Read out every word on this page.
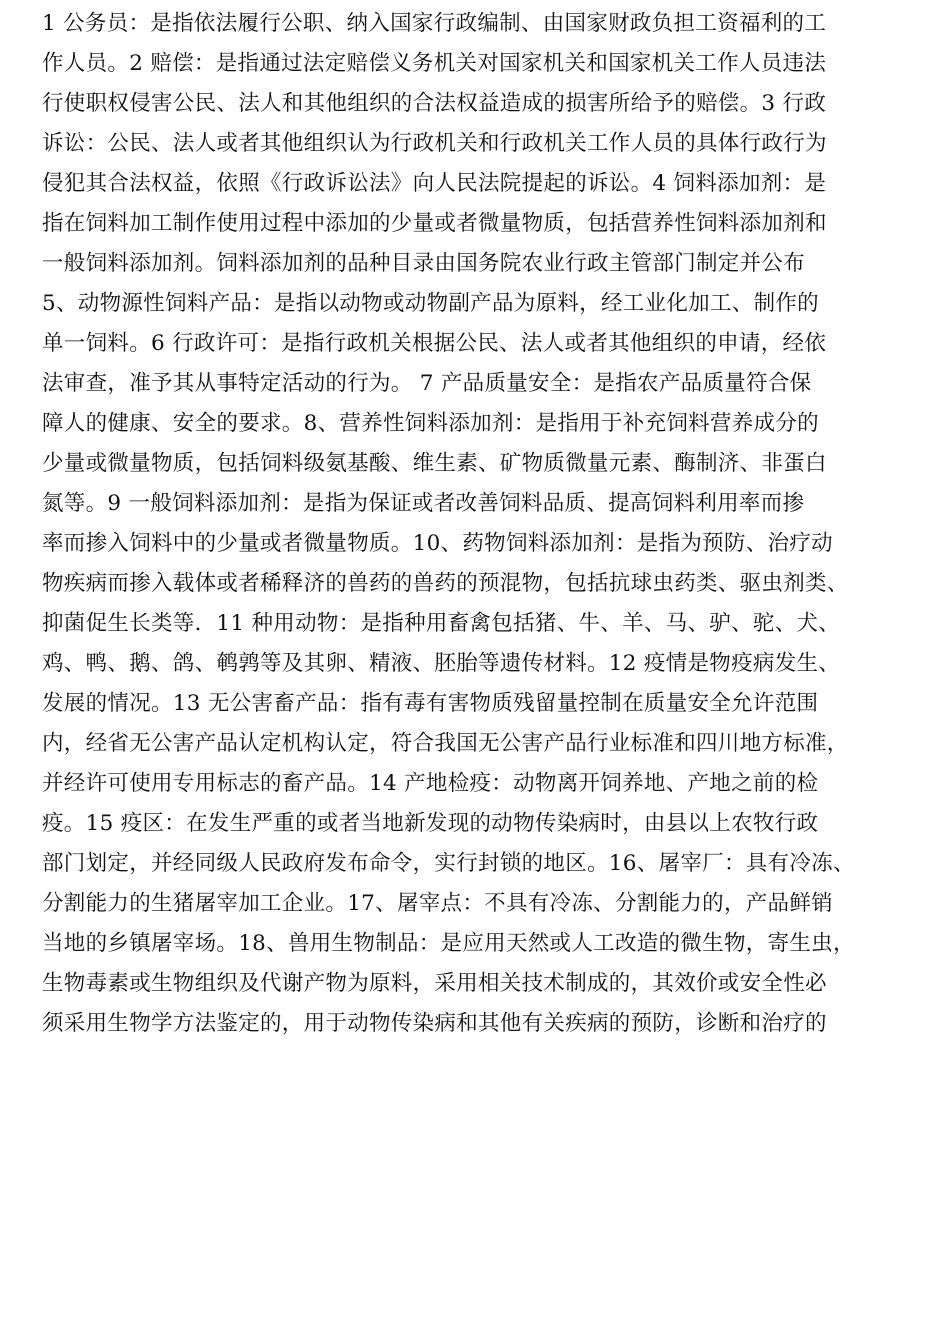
1 公务员：是指依法履行公职、纳入国家行政编制、由国家财政负担工资福利的工
作人员。2 赔偿：是指通过法定赔偿义务机关对国家机关和国家机关工作人员违法
行使职权侵害公民、法人和其他组织的合法权益造成的损害所给予的赔偿。3 行政
诉讼：公民、法人或者其他组织认为行政机关和行政机关工作人员的具体行政行为
侵犯其合法权益，依照《行政诉讼法》向人民法院提起的诉讼。4 饲料添加剂：是
指在饲料加工制作使用过程中添加的少量或者微量物质，包括营养性饲料添加剂和
一般饲料添加剂。饲料添加剂的品种目录由国务院农业行政主管部门制定并公布
5、动物源性饲料产品：是指以动物或动物副产品为原料，经工业化加工、制作的
单一饲料。6 行政许可：是指行政机关根据公民、法人或者其他组织的申请，经依
法审查，准予其从事特定活动的行为。 7 产品质量安全：是指农产品质量符合保
障人的健康、安全的要求。8、营养性饲料添加剂：是指用于补充饲料营养成分的
少量或微量物质，包括饲料级氨基酸、维生素、矿物质微量元素、酶制济、非蛋白
氮等。9 一般饲料添加剂：是指为保证或者改善饲料品质、提高饲料利用率而掺
率而掺入饲料中的少量或者微量物质。10、药物饲料添加剂：是指为预防、治疗动
物疾病而掺入载体或者稀释济的兽药的兽药的预混物，包括抗球虫药类、驱虫剂类、
抑菌促生长类等．11 种用动物：是指种用畜禽包括猪、牛、羊、马、驴、驼、犬、
鸡、鸭、鹅、鸽、鹌鹑等及其卵、精液、胚胎等遗传材料。12 疫情是物疫病发生、
发展的情况。13 无公害畜产品：指有毒有害物质残留量控制在质量安全允许范围
内，经省无公害产品认定机构认定，符合我国无公害产品行业标准和四川地方标准，
并经许可使用专用标志的畜产品。14 产地检疫：动物离开饲养地、产地之前的检
疫。15 疫区：在发生严重的或者当地新发现的动物传染病时，由县以上农牧行政
部门划定，并经同级人民政府发布命令，实行封锁的地区。16、屠宰厂：具有冷冻、
分割能力的生猪屠宰加工企业。17、屠宰点：不具有冷冻、分割能力的，产品鲜销
当地的乡镇屠宰场。18、兽用生物制品：是应用天然或人工改造的微生物，寄生虫，
生物毒素或生物组织及代谢产物为原料，采用相关技术制成的，其效价或安全性必
须采用生物学方法鉴定的，用于动物传染病和其他有关疾病的预防，诊断和治疗的
